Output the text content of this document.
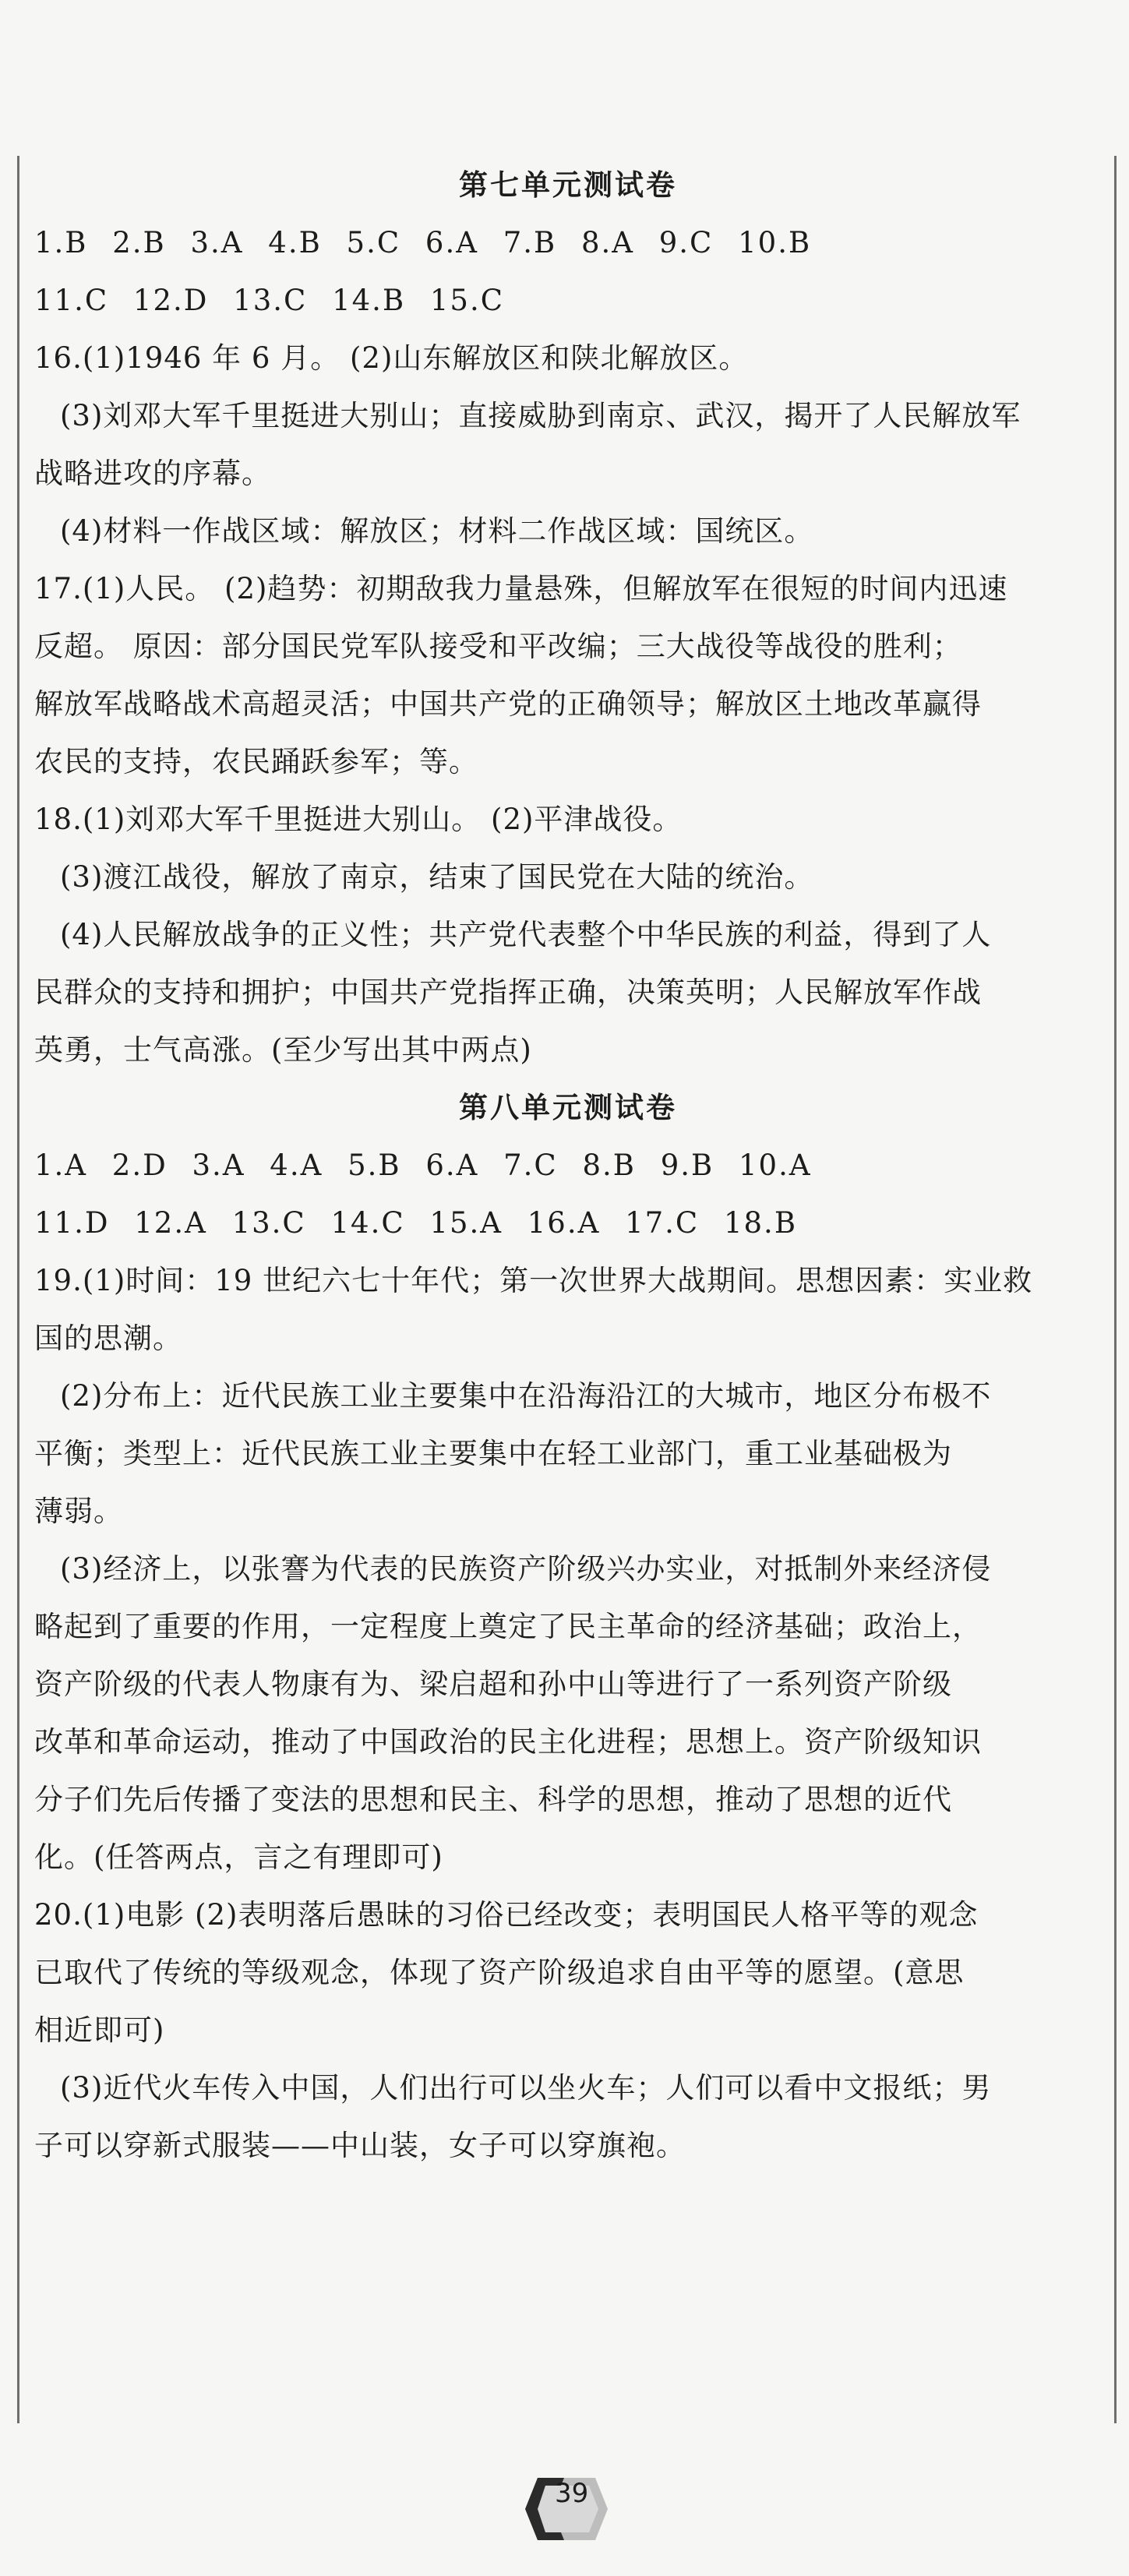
第七单元测试卷
1.B 2.B 3.A 4.B 5.C 6.A 7.B 8.A 9.C 10.B
11.C 12.D 13.C 14.B 15.C
16.(1)1946 年 6 月。 (2)山东解放区和陕北解放区。
(3)刘邓大军千里挺进大别山；直接威胁到南京、武汉，揭开了人民解放军
战略进攻的序幕。
(4)材料一作战区域：解放区；材料二作战区域：国统区。
17.(1)人民。 (2)趋势：初期敌我力量悬殊，但解放军在很短的时间内迅速
反超。 原因：部分国民党军队接受和平改编；三大战役等战役的胜利；
解放军战略战术高超灵活；中国共产党的正确领导；解放区土地改革赢得
农民的支持，农民踊跃参军；等。
18.(1)刘邓大军千里挺进大别山。 (2)平津战役。
(3)渡江战役，解放了南京，结束了国民党在大陆的统治。
(4)人民解放战争的正义性；共产党代表整个中华民族的利益，得到了人
民群众的支持和拥护；中国共产党指挥正确，决策英明；人民解放军作战
英勇，士气高涨。(至少写出其中两点)
第八单元测试卷
1.A 2.D 3.A 4.A 5.B 6.A 7.C 8.B 9.B 10.A
11.D 12.A 13.C 14.C 15.A 16.A 17.C 18.B
19.(1)时间：19 世纪六七十年代；第一次世界大战期间。思想因素：实业救
国的思潮。
(2)分布上：近代民族工业主要集中在沿海沿江的大城市，地区分布极不
平衡；类型上：近代民族工业主要集中在轻工业部门，重工业基础极为
薄弱。
(3)经济上，以张謇为代表的民族资产阶级兴办实业，对抵制外来经济侵
略起到了重要的作用，一定程度上奠定了民主革命的经济基础；政治上，
资产阶级的代表人物康有为、梁启超和孙中山等进行了一系列资产阶级
改革和革命运动，推动了中国政治的民主化进程；思想上。资产阶级知识
分子们先后传播了变法的思想和民主、科学的思想，推动了思想的近代
化。(任答两点，言之有理即可)
20.(1)电影 (2)表明落后愚昧的习俗已经改变；表明国民人格平等的观念
已取代了传统的等级观念，体现了资产阶级追求自由平等的愿望。(意思
相近即可)
(3)近代火车传入中国，人们出行可以坐火车；人们可以看中文报纸；男
子可以穿新式服装——中山装，女子可以穿旗袍。
39
